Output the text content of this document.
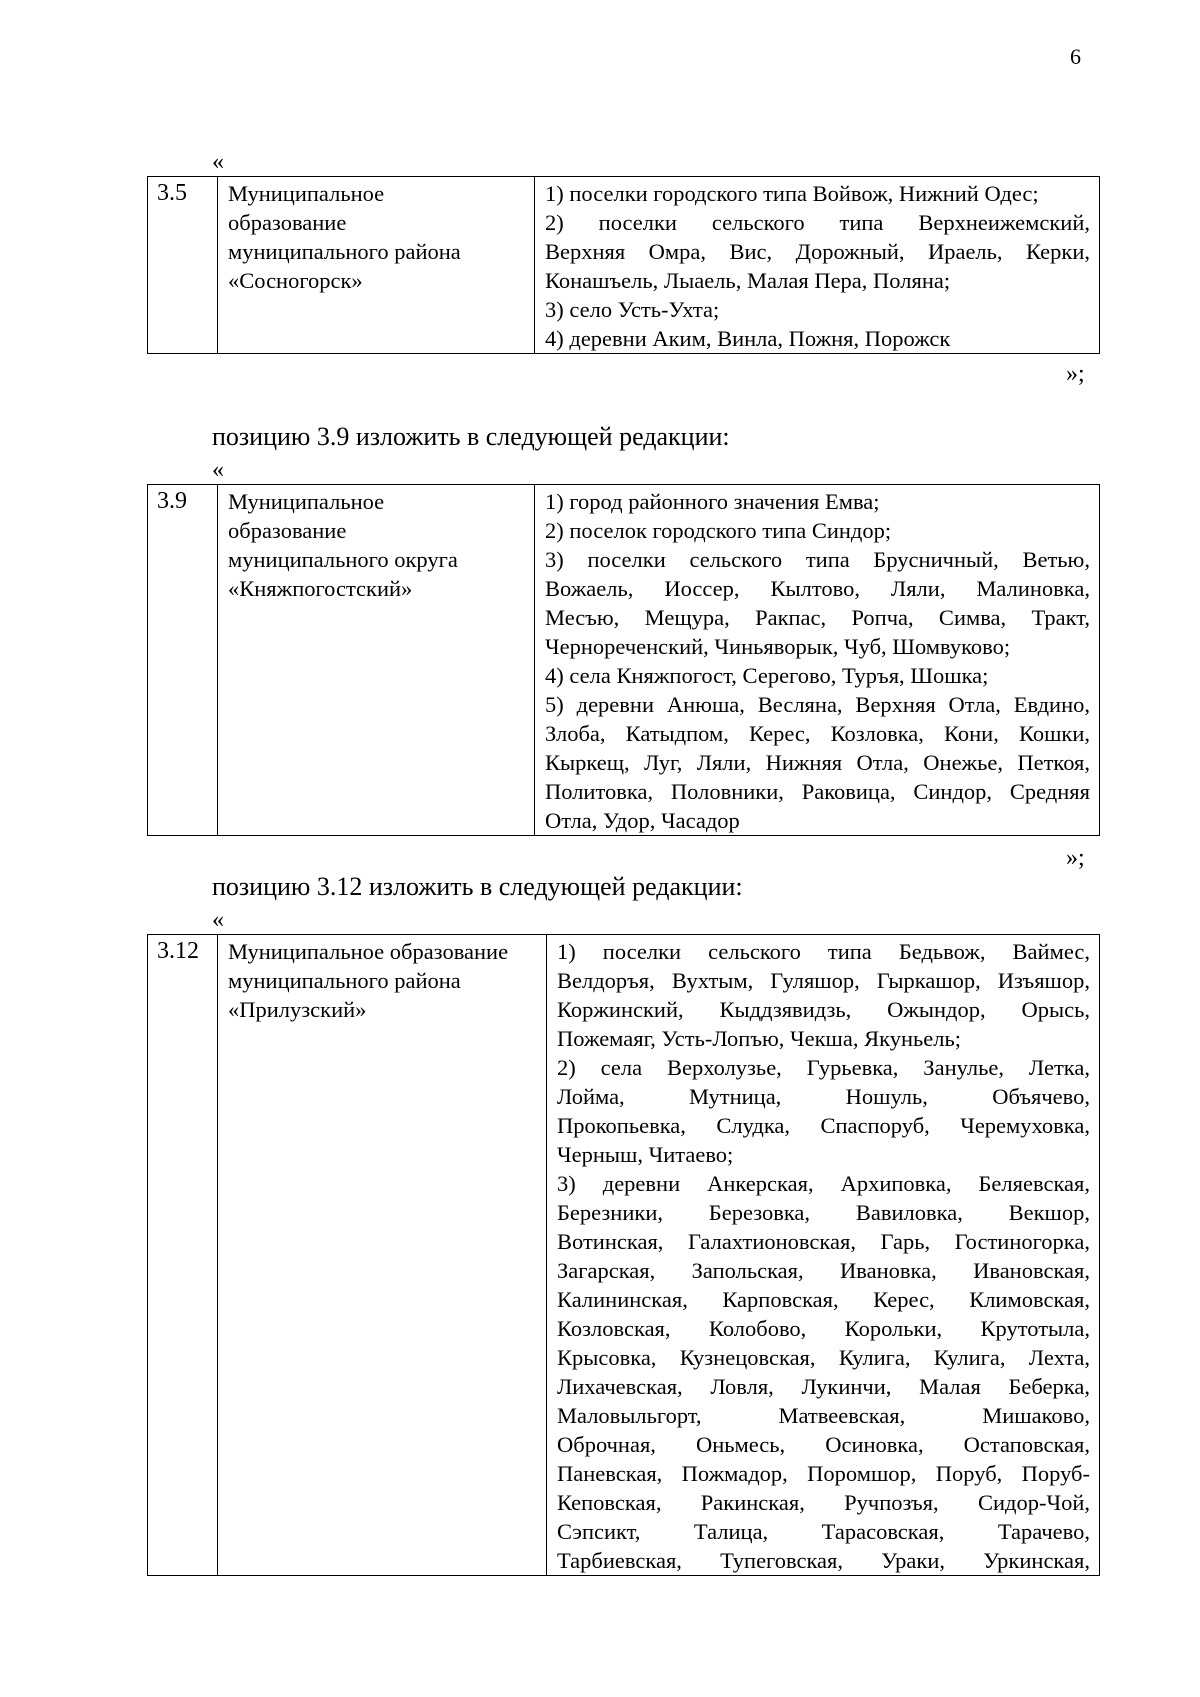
6
«
3.5	Муниципальное
образование
муниципального района
«Сосногорск»

1) поселки городского типа Войвож, Нижний Одес;
2) поселки сельского типа Верхнеижемский,
Верхняя Омра, Вис, Дорожный, Ираель, Керки,
Конашъель, Лыаель, Малая Пера, Поляна;
3) село Усть-Ухта;
4) деревни Аким, Винла, Пожня, Порожск
»;
позицию 3.9 изложить в следующей редакции:
«
3.9	Муниципальное
образование
муниципального округа
«Княжпогостский»

1) город районного значения Емва;
2) поселок городского типа Синдор;
3) поселки сельского типа Брусничный, Ветью,
Вожаель, Иоссер, Кылтово, Ляли, Малиновка,
Месъю, Мещура, Ракпас, Ропча, Симва, Тракт,
Чернореченский, Чиньяворык, Чуб, Шомвуково;
4) села Княжпогост, Серегово, Туръя, Шошка;
5) деревни Анюша, Весляна, Верхняя Отла, Евдино,
Злоба, Катыдпом, Керес, Козловка, Кони, Кошки,
Кыркещ, Луг, Ляли, Нижняя Отла, Онежье, Петкоя,
Политовка, Половники, Раковица, Синдор, Средняя
Отла, Удор, Часадор
»;
позицию 3.12 изложить в следующей редакции:
«
3.12	Муниципальное образование
муниципального района
«Прилузский»

1) поселки сельского типа Бедьвож, Ваймес,
Велдоръя, Вухтым, Гуляшор, Гыркашор, Изъяшор,
Коржинский, Кыддзявидзь, Ожындор, Орысь,
Пожемаяг, Усть-Лопъю, Чекша, Якуньель;
2) села Верхолузье, Гурьевка, Занулье, Летка,
Лойма, Мутница, Ношуль, Объячево,
Прокопьевка, Слудка, Спаспоруб, Черемуховка,
Черныш, Читаево;
3) деревни Анкерская, Архиповка, Беляевская,
Березники, Березовка, Вавиловка, Векшор,
Вотинская, Галахтионовская, Гарь, Гостиногорка,
Загарская, Запольская, Ивановка, Ивановская,
Калининская, Карповская, Керес, Климовская,
Козловская, Колобово, Корольки, Крутотыла,
Крысовка, Кузнецовская, Кулига, Кулига, Лехта,
Лихачевская, Ловля, Лукинчи, Малая Беберка,
Маловыльгорт, Матвеевская, Мишаково,
Оброчная, Оньмесь, Осиновка, Остаповская,
Паневская, Пожмадор, Поромшор, Поруб, Поруб-
Кеповская, Ракинская, Ручпозъя, Сидор-Чой,
Сэпсикт, Талица, Тарасовская, Тарачево,
Тарбиевская, Тупеговская, Ураки, Уркинская,
